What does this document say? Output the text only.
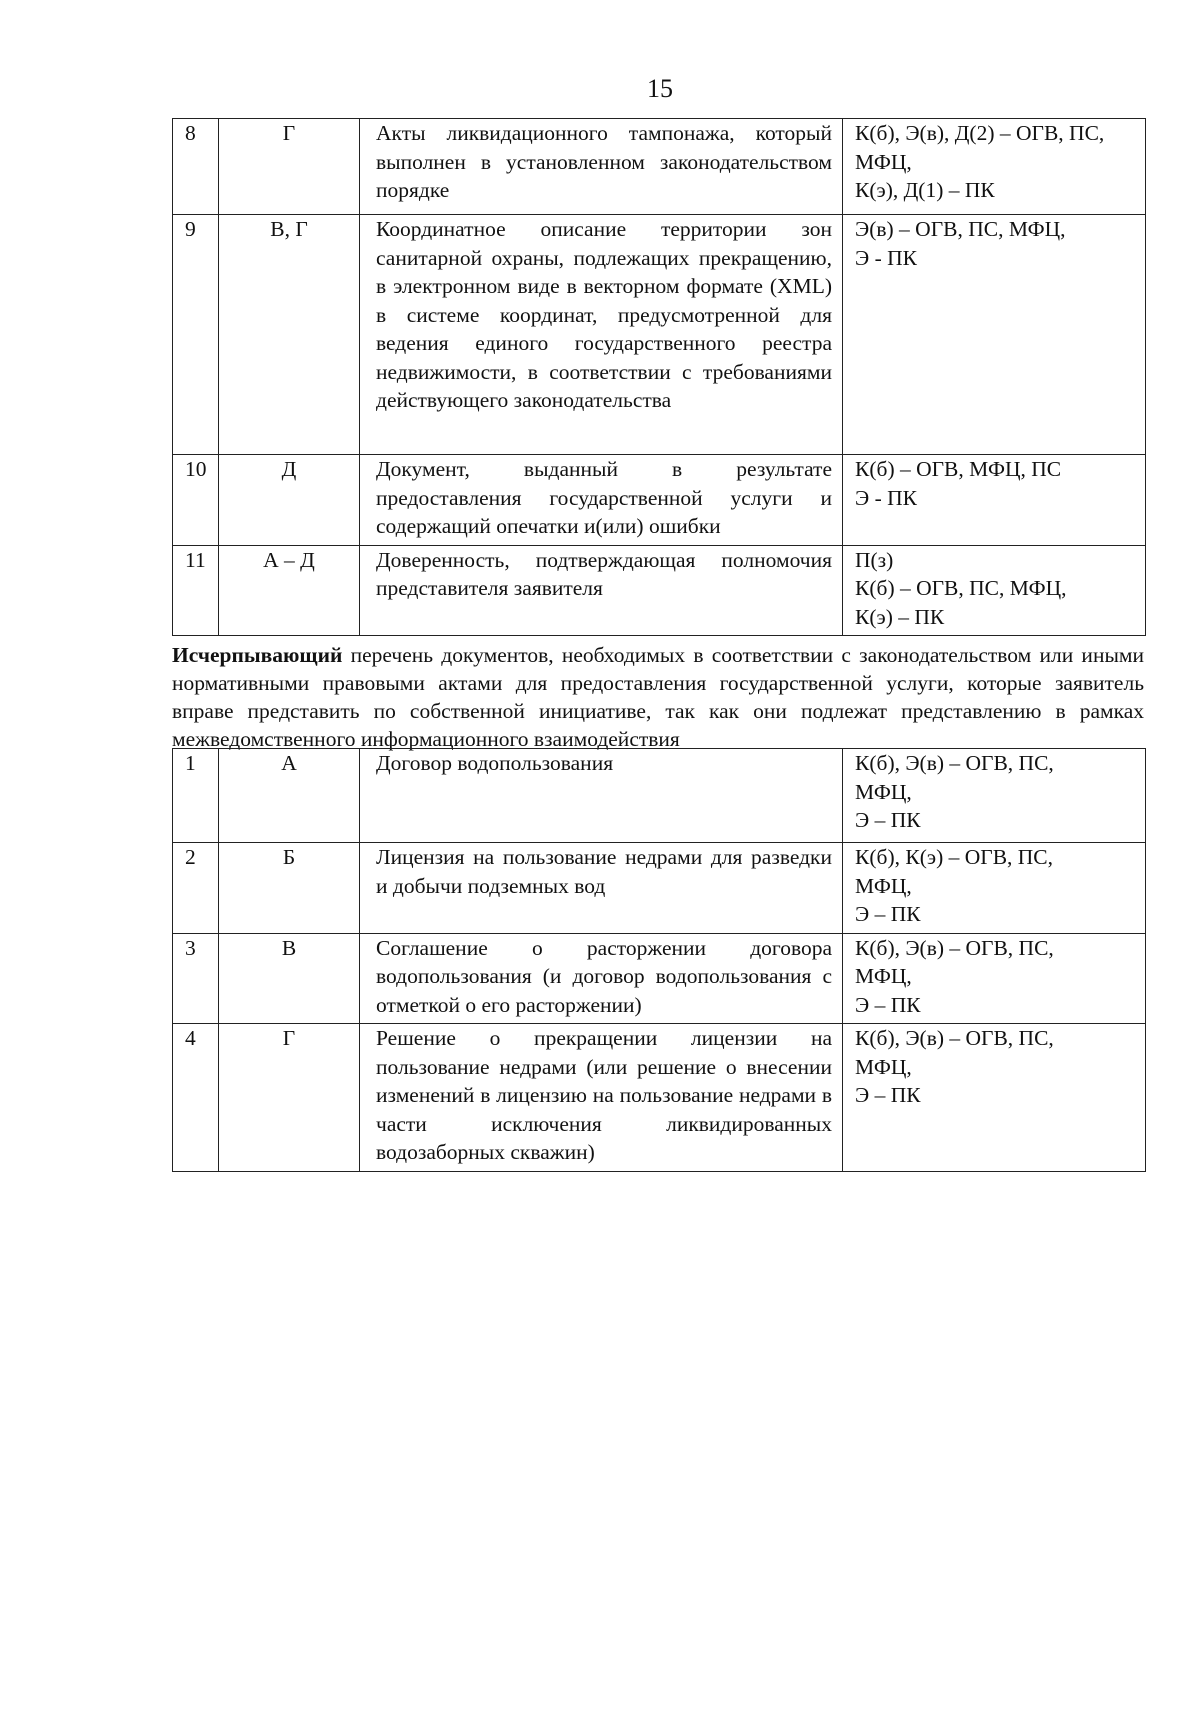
15
8	Г	Акты ликвидационного тампонажа, который выполнен в установленном законодательством порядке	К(б), Э(в), Д(2) – ОГВ, ПС, МФЦ,
К(э), Д(1) – ПК

9	В, Г	Координатное описание территории зон санитарной охраны, подлежащих прекращению, в электронном виде в векторном формате (XML) в системе координат, предусмотренной для ведения единого государственного реестра недвижимости, в соответствии с требованиями действующего законодательства	Э(в) – ОГВ, ПС, МФЦ,
Э - ПК

10	Д	Документ, выданный в результате предоставления государственной услуги и содержащий опечатки и(или) ошибки	К(б) – ОГВ, МФЦ, ПС
Э - ПК

11	А – Д	Доверенность, подтверждающая полномочия представителя заявителя	П(з)
К(б) – ОГВ, ПС, МФЦ,
К(э) – ПК
Исчерпывающий перечень документов, необходимых в соответствии с законодательством или иными нормативными правовыми актами для предоставления государственной услуги, которые заявитель вправе представить по собственной инициативе, так как они подлежат представлению в рамках межведомственного информационного взаимодействия
1	А	Договор водопользования	К(б), Э(в) – ОГВ, ПС,
МФЦ,
Э – ПК

2	Б	Лицензия на пользование недрами для разведки и добычи подземных вод	К(б), К(э) – ОГВ, ПС,
МФЦ,
Э – ПК

3	В	Соглашение о расторжении договора водопользования (и договор водопользования с отметкой о его расторжении)	К(б), Э(в) – ОГВ, ПС,
МФЦ,
Э – ПК

4	Г	Решение о прекращении лицензии на пользование недрами (или решение о внесении изменений в лицензию на пользование недрами в части исключения ликвидированных водозаборных скважин)	К(б), Э(в) – ОГВ, ПС,
МФЦ,
Э – ПК
